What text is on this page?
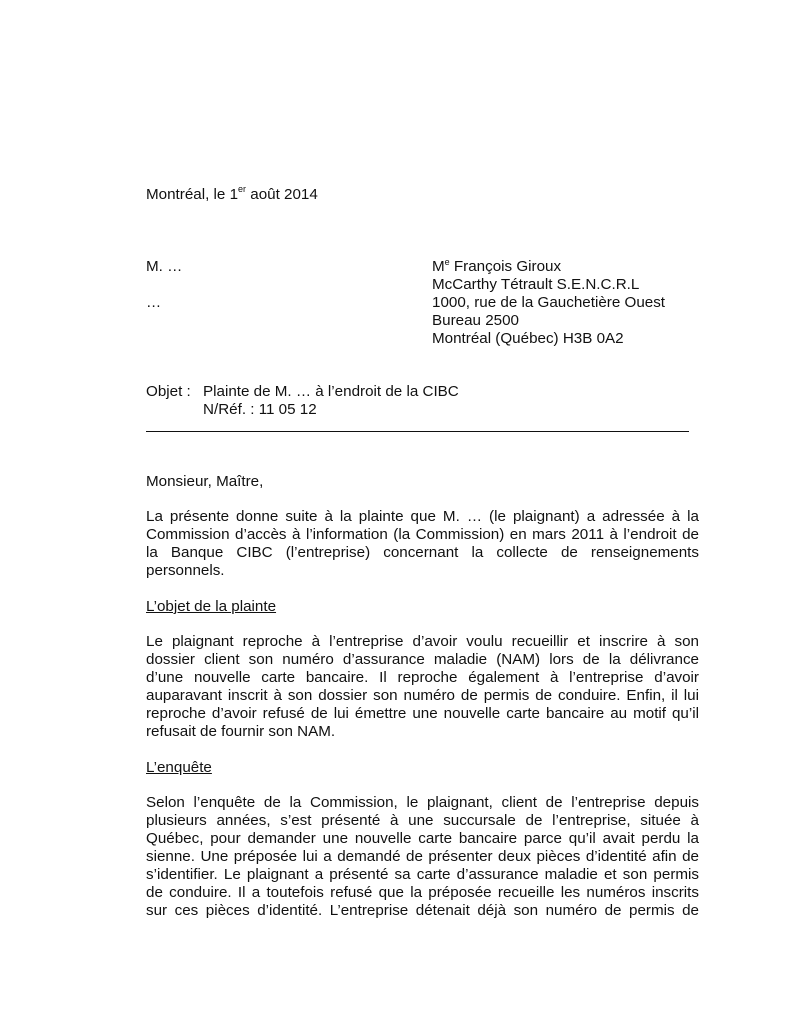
Montréal, le 1er août 2014
M. …
…
Me François Giroux
McCarthy Tétrault S.E.N.C.R.L
1000, rue de la Gauchetière Ouest
Bureau 2500
Montréal (Québec) H3B 0A2
Objet : Plainte de M. … à l’endroit de la CIBC
N/Réf. : 11 05 12

Monsieur, Maître,

La présente donne suite à la plainte que M. … (le plaignant) a adressée à la
Commission d’accès à l’information (la Commission) en mars 2011 à l’endroit de
la Banque CIBC (l’entreprise) concernant la collecte de renseignements
personnels.

L’objet de la plainte

Le plaignant reproche à l’entreprise d’avoir voulu recueillir et inscrire à son
dossier client son numéro d’assurance maladie (NAM) lors de la délivrance
d’une nouvelle carte bancaire. Il reproche également à l’entreprise d’avoir
auparavant inscrit à son dossier son numéro de permis de conduire. Enfin, il lui
reproche d’avoir refusé de lui émettre une nouvelle carte bancaire au motif qu’il
refusait de fournir son NAM.

L’enquête

Selon l’enquête de la Commission, le plaignant, client de l’entreprise depuis
plusieurs années, s’est présenté à une succursale de l’entreprise, située à
Québec, pour demander une nouvelle carte bancaire parce qu’il avait perdu la
sienne. Une préposée lui a demandé de présenter deux pièces d’identité afin de
s’identifier. Le plaignant a présenté sa carte d’assurance maladie et son permis
de conduire. Il a toutefois refusé que la préposée recueille les numéros inscrits
sur ces pièces d’identité. L’entreprise détenait déjà son numéro de permis de
